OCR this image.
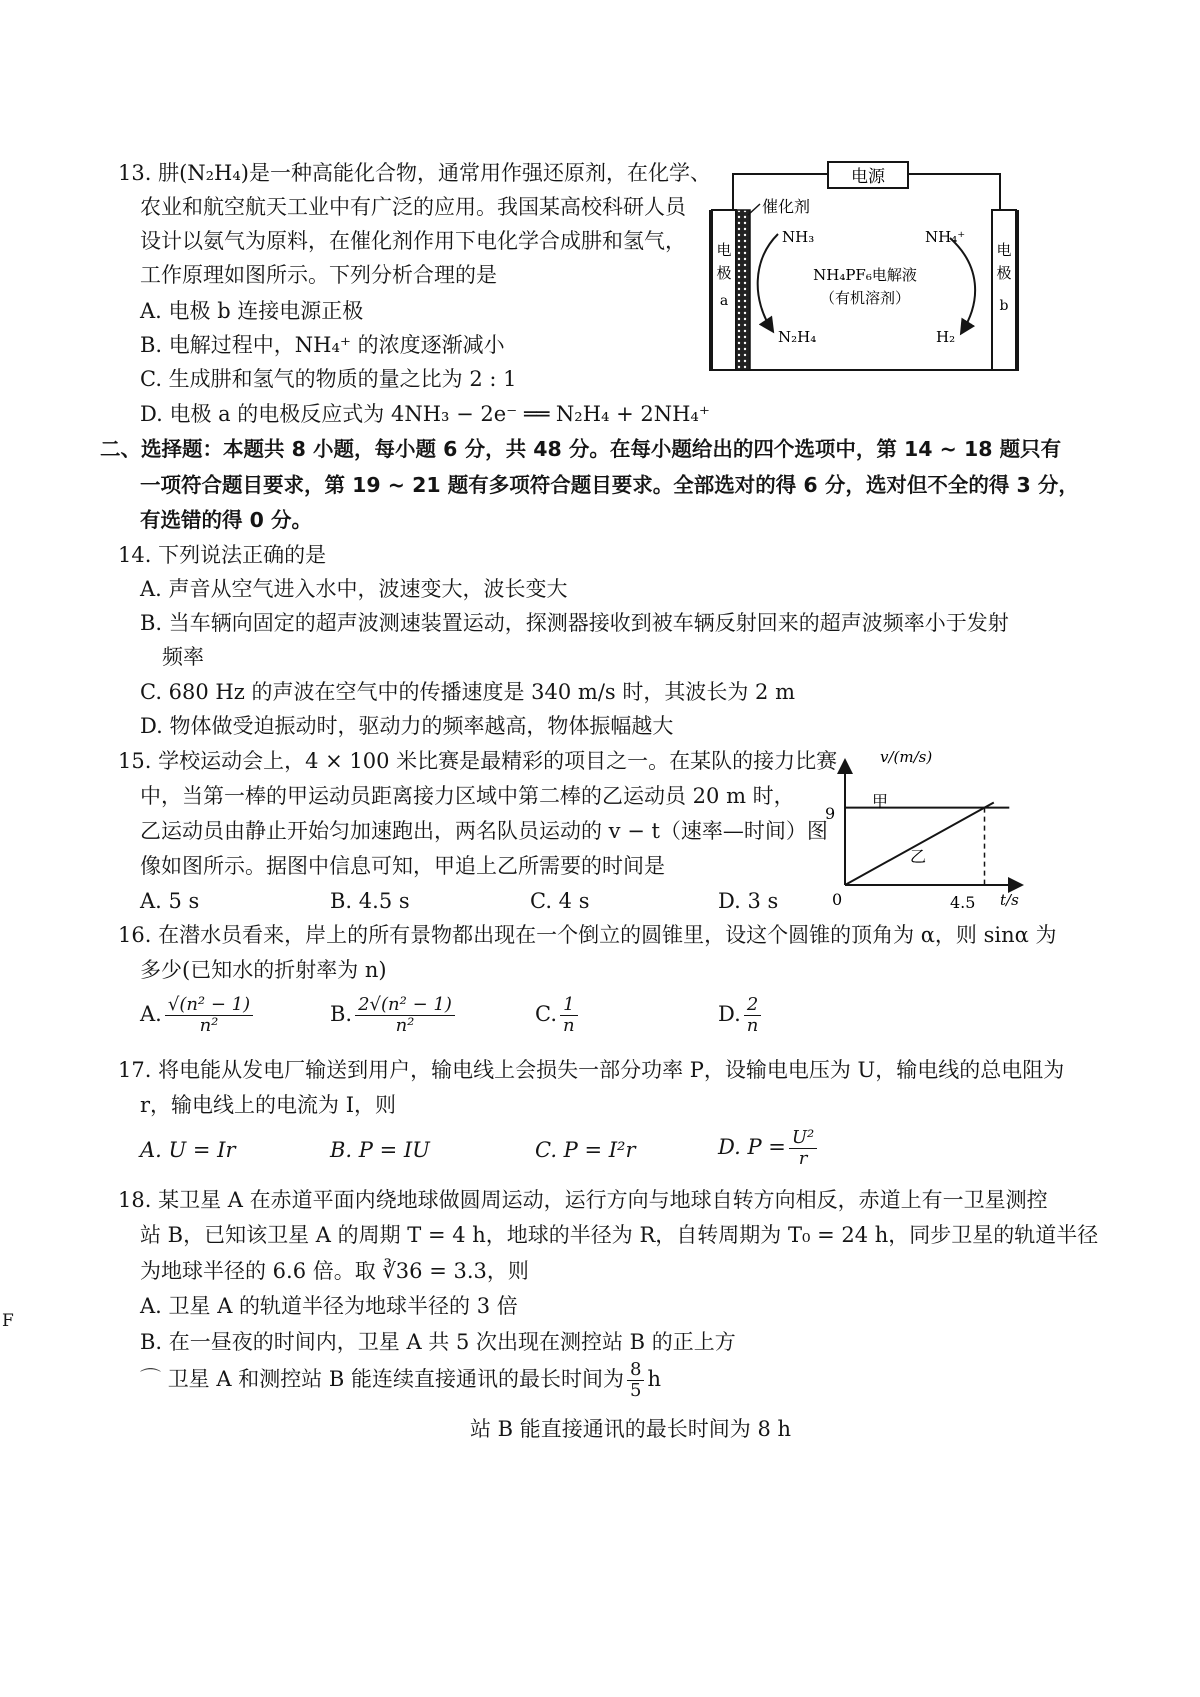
13. 肼(N₂H₄)是一种高能化合物，通常用作强还原剂，在化学、
农业和航空航天工业中有广泛的应用。我国某高校科研人员
设计以氨气为原料，在催化剂作用下电化学合成肼和氢气，
工作原理如图所示。下列分析合理的是
A. 电极 b 连接电源正极
B. 电解过程中，NH₄⁺ 的浓度逐渐减小
C. 生成肼和氢气的物质的量之比为 2 : 1
D. 电极 a 的电极反应式为 4NH₃ − 2e⁻ ══ N₂H₄ + 2NH₄⁺
电源
电
极
a
电
极
b
催化剂
NH₃	NH₄⁺
NH₄PF₆电解液
（有机溶剂）
N₂H₄	H₂
二、选择题：本题共 8 小题，每小题 6 分，共 48 分。在每小题给出的四个选项中，第 14 ~ 18 题只有
一项符合题目要求，第 19 ~ 21 题有多项符合题目要求。全部选对的得 6 分，选对但不全的得 3 分，
有选错的得 0 分。
14. 下列说法正确的是
A. 声音从空气进入水中，波速变大，波长变大
B. 当车辆向固定的超声波测速装置运动，探测器接收到被车辆反射回来的超声波频率小于发射
频率
C. 680 Hz 的声波在空气中的传播速度是 340 m/s 时，其波长为 2 m
D. 物体做受迫振动时，驱动力的频率越高，物体振幅越大
15. 学校运动会上，4 × 100 米比赛是最精彩的项目之一。在某队的接力比赛
中，当第一棒的甲运动员距离接力区域中第二棒的乙运动员 20 m 时，
乙运动员由静止开始匀加速跑出，两名队员运动的 v − t（速率—时间）图
像如图所示。据图中信息可知，甲追上乙所需要的时间是
A. 5 s	B. 4.5 s	C. 4 s	D. 3 s
v/(m/s)
t/s
9
0	4.5
甲
乙
16. 在潜水员看来，岸上的所有景物都出现在一个倒立的圆锥里，设这个圆锥的顶角为 α，则 sinα 为
多少(已知水的折射率为 n)
A. $\frac{\text{√(n² − 1)}}{\text{n²}}$	B. $\frac{\text{2√(n² − 1)}}{\text{n²}}$	C. $\frac{1}{n}$	D. $\frac{2}{n}$
17. 将电能从发电厂输送到用户，输电线上会损失一部分功率 P，设输电电压为 U，输电线的总电阻为
r，输电线上的电流为 I，则
A. U = Ir	B. P = IU	C. P = I²r	D. $P = \frac{\text{U²}}{r}$
18. 某卫星 A 在赤道平面内绕地球做圆周运动，运行方向与地球自转方向相反，赤道上有一卫星测控
站 B，已知该卫星 A 的周期 T = 4 h，地球的半径为 R，自转周期为 T₀ = 24 h，同步卫星的轨道半径
为地球半径的 6.6 倍。取 ∛36 = 3.3，则
A. 卫星 A 的轨道半径为地球半径的 3 倍
B. 在一昼夜的时间内，卫星 A 共 5 次出现在测控站 B 的正上方
⌒ 卫星 A 和测控站 B 能连续直接通讯的最长时间为 $\frac{8}{5}$ h
站 B 能直接通讯的最长时间为 8 h
F
